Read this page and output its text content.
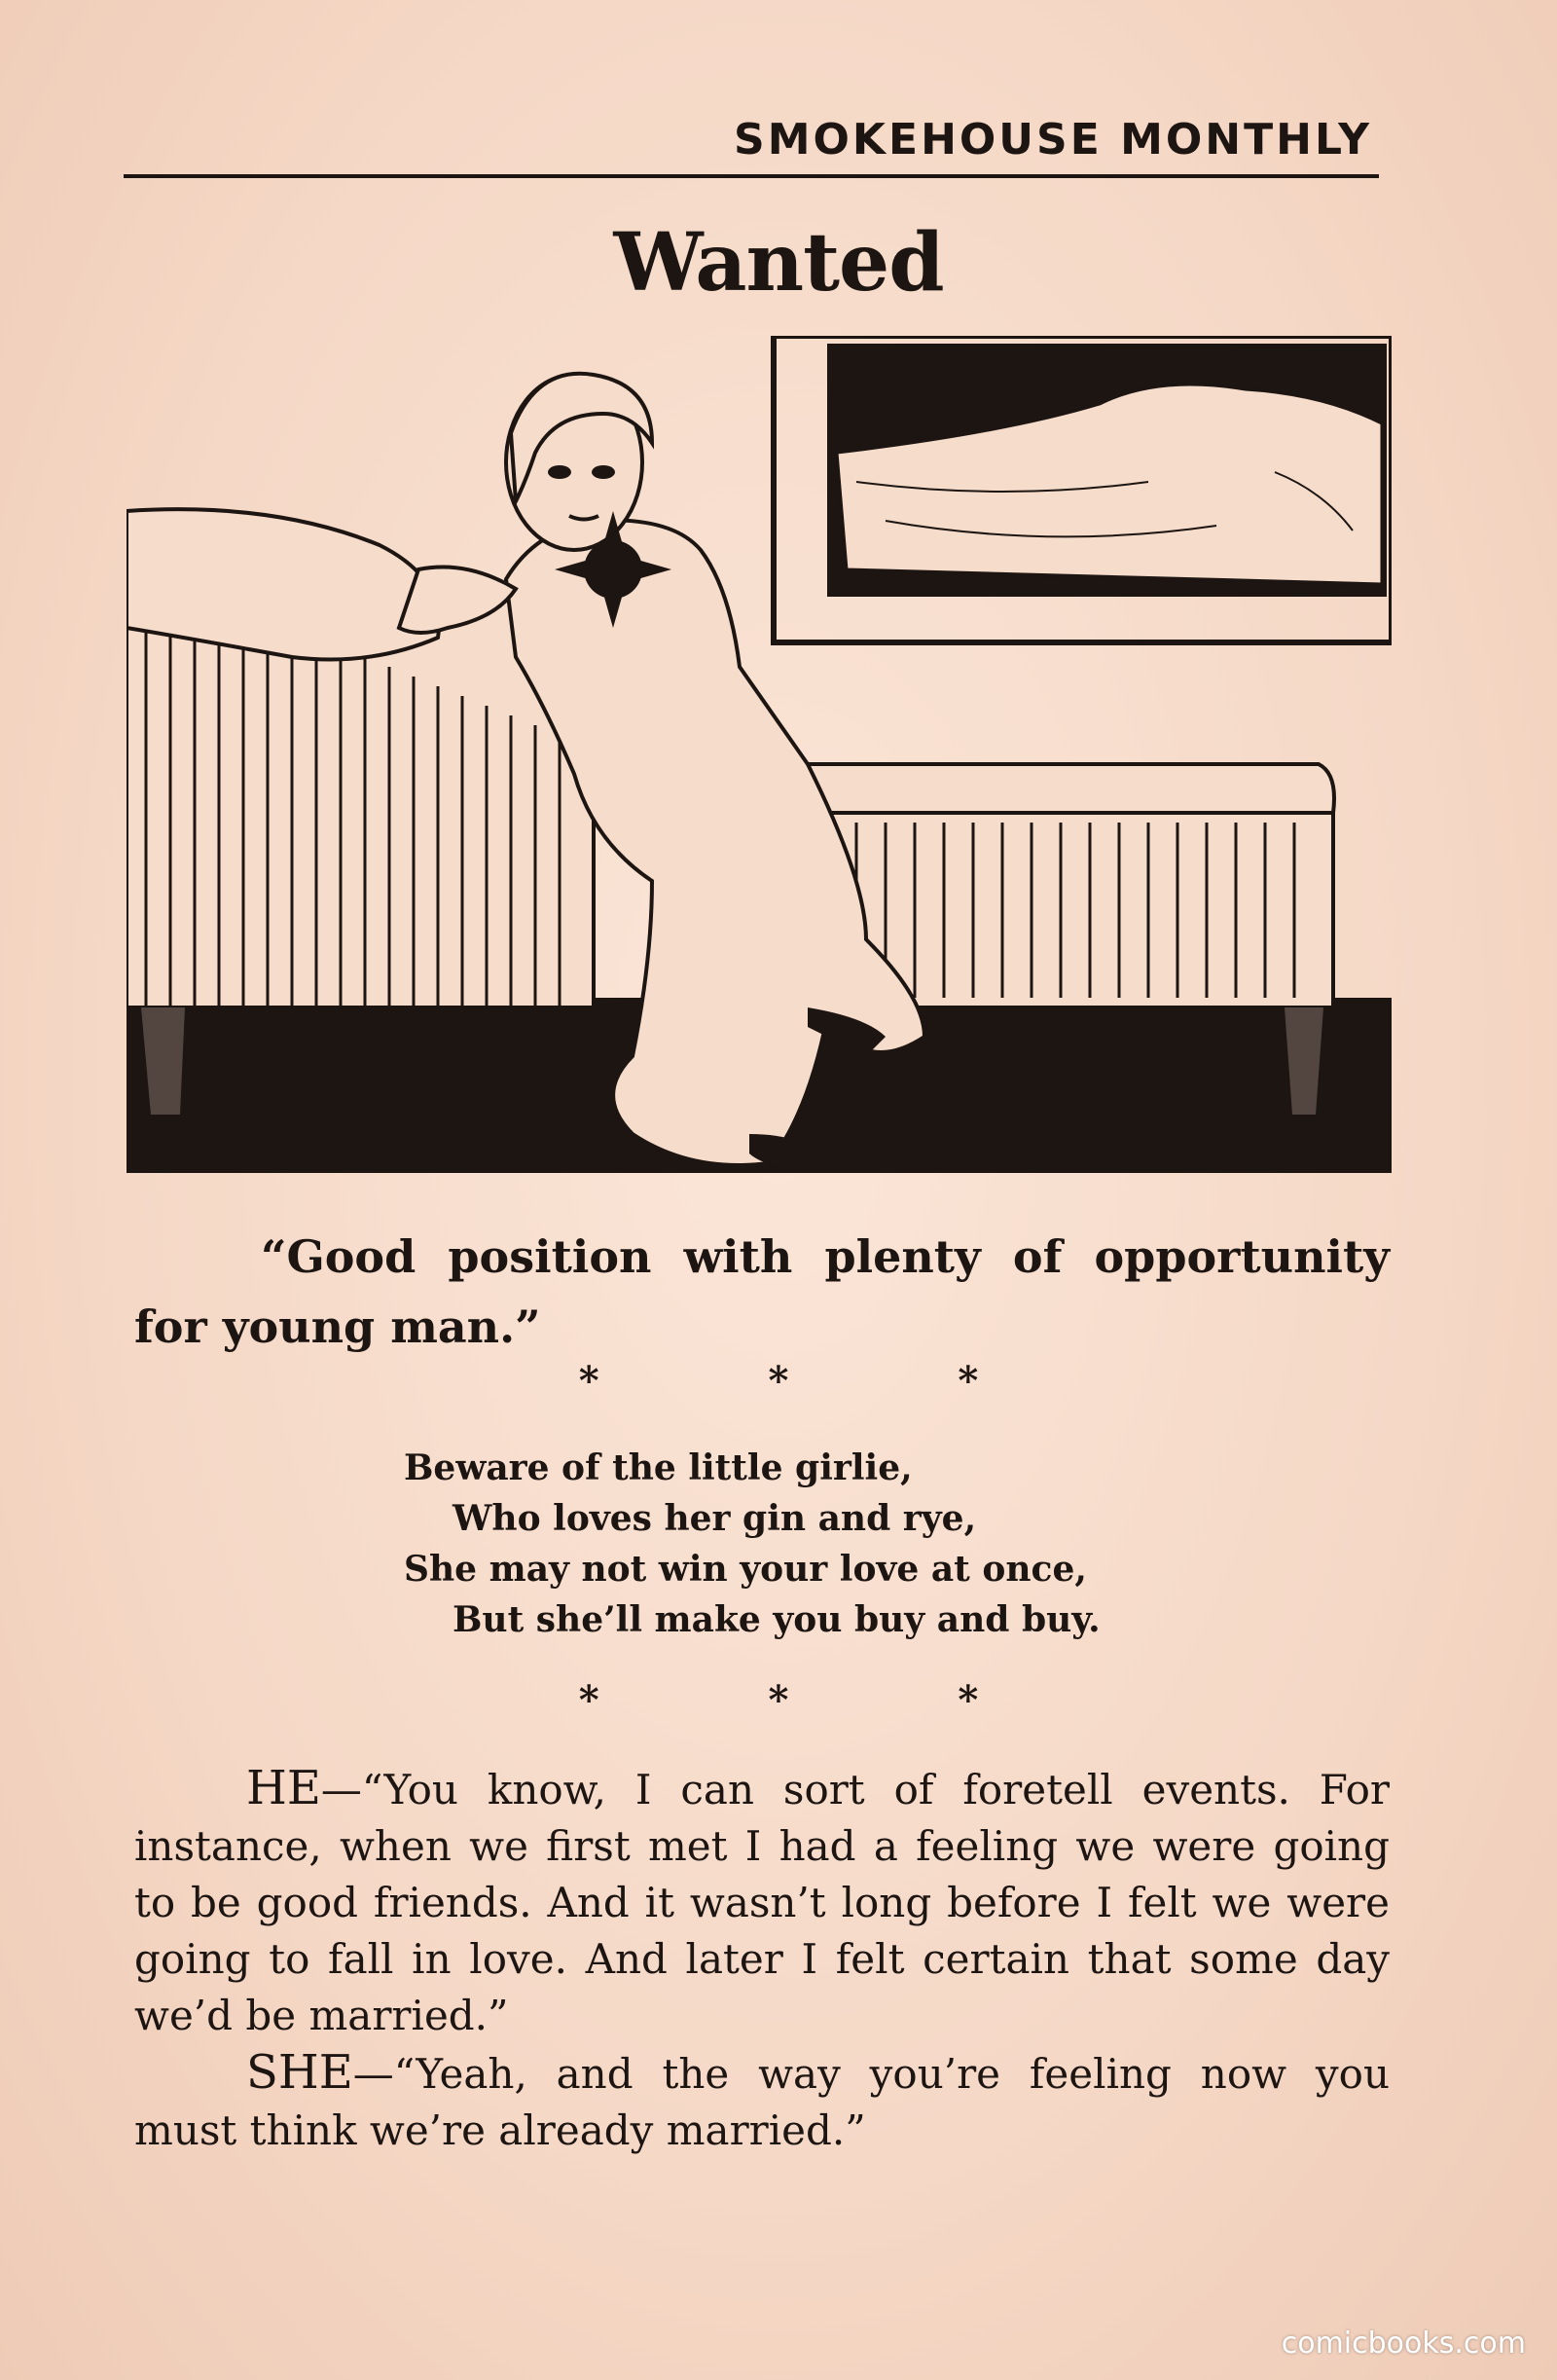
SMOKEHOUSE MONTHLY
Wanted
“Good position with plenty of opportunity for young man.”
* * *
Beware of the little girlie,
Who loves her gin and rye,
She may not win your love at once,
But she’ll make you buy and buy.
* * *

HE—“You know, I can sort of foretell events. For instance, when we first met I had a feeling we were going to be good friends. And it wasn’t long before I felt we were going to fall in love. And later I felt certain that some day we’d be married.”

SHE—“Yeah, and the way you’re feeling now you must think we’re already married.”

comicbooks.com
